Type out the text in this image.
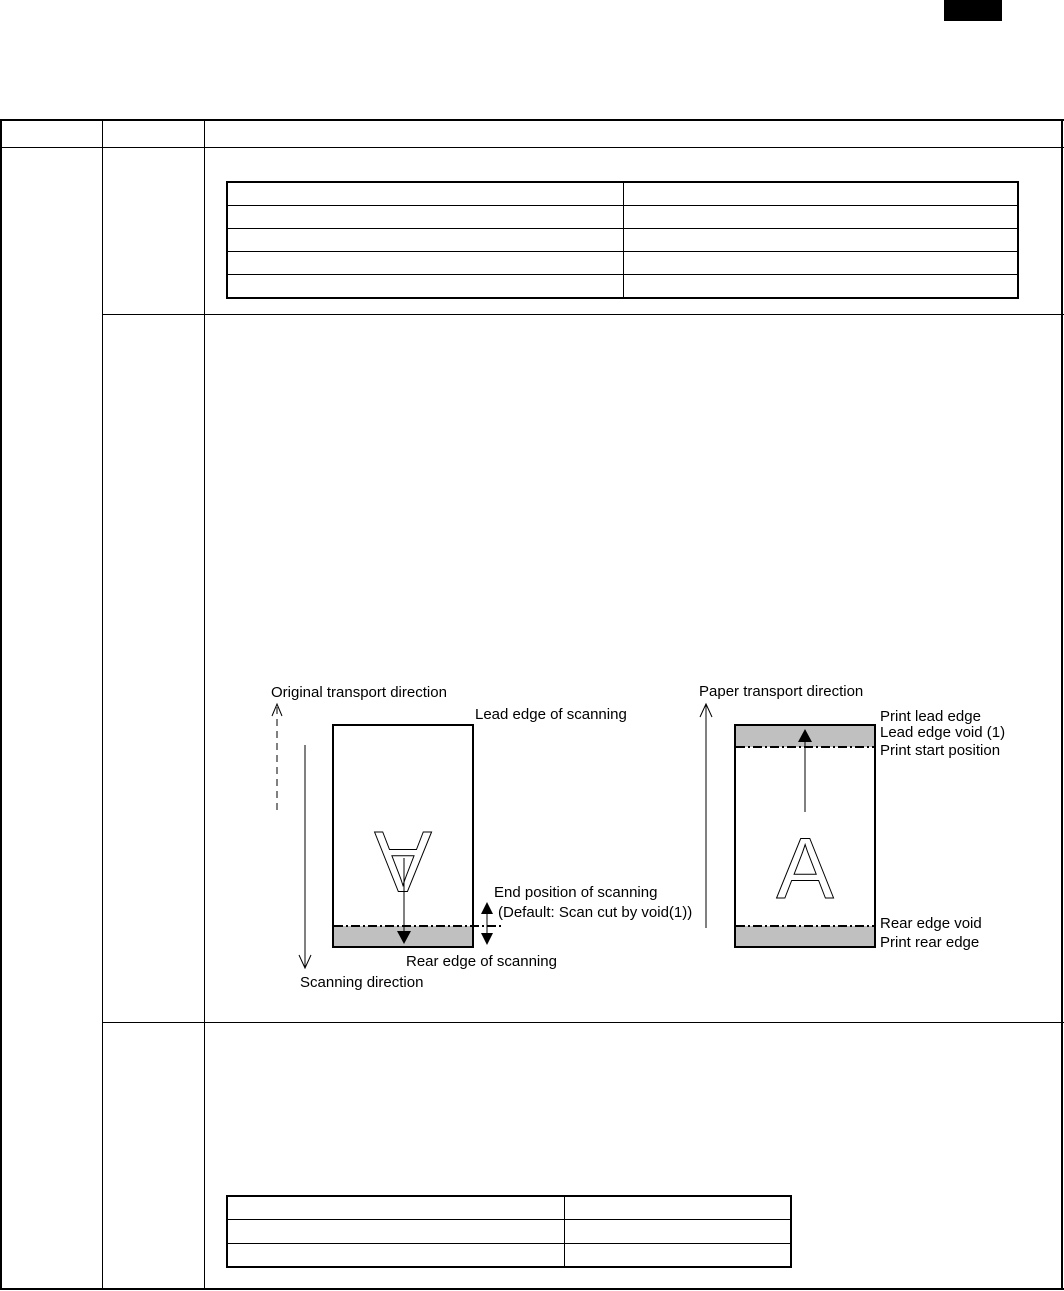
Original transport direction
Scanning direction
A
Lead edge of scanning
End position of scanning
(Default: Scan cut by void(1))
Rear edge of scanning
Paper transport direction
A
Print lead edge
Lead edge void (1)
Print start position
Rear edge void
Print rear edge
